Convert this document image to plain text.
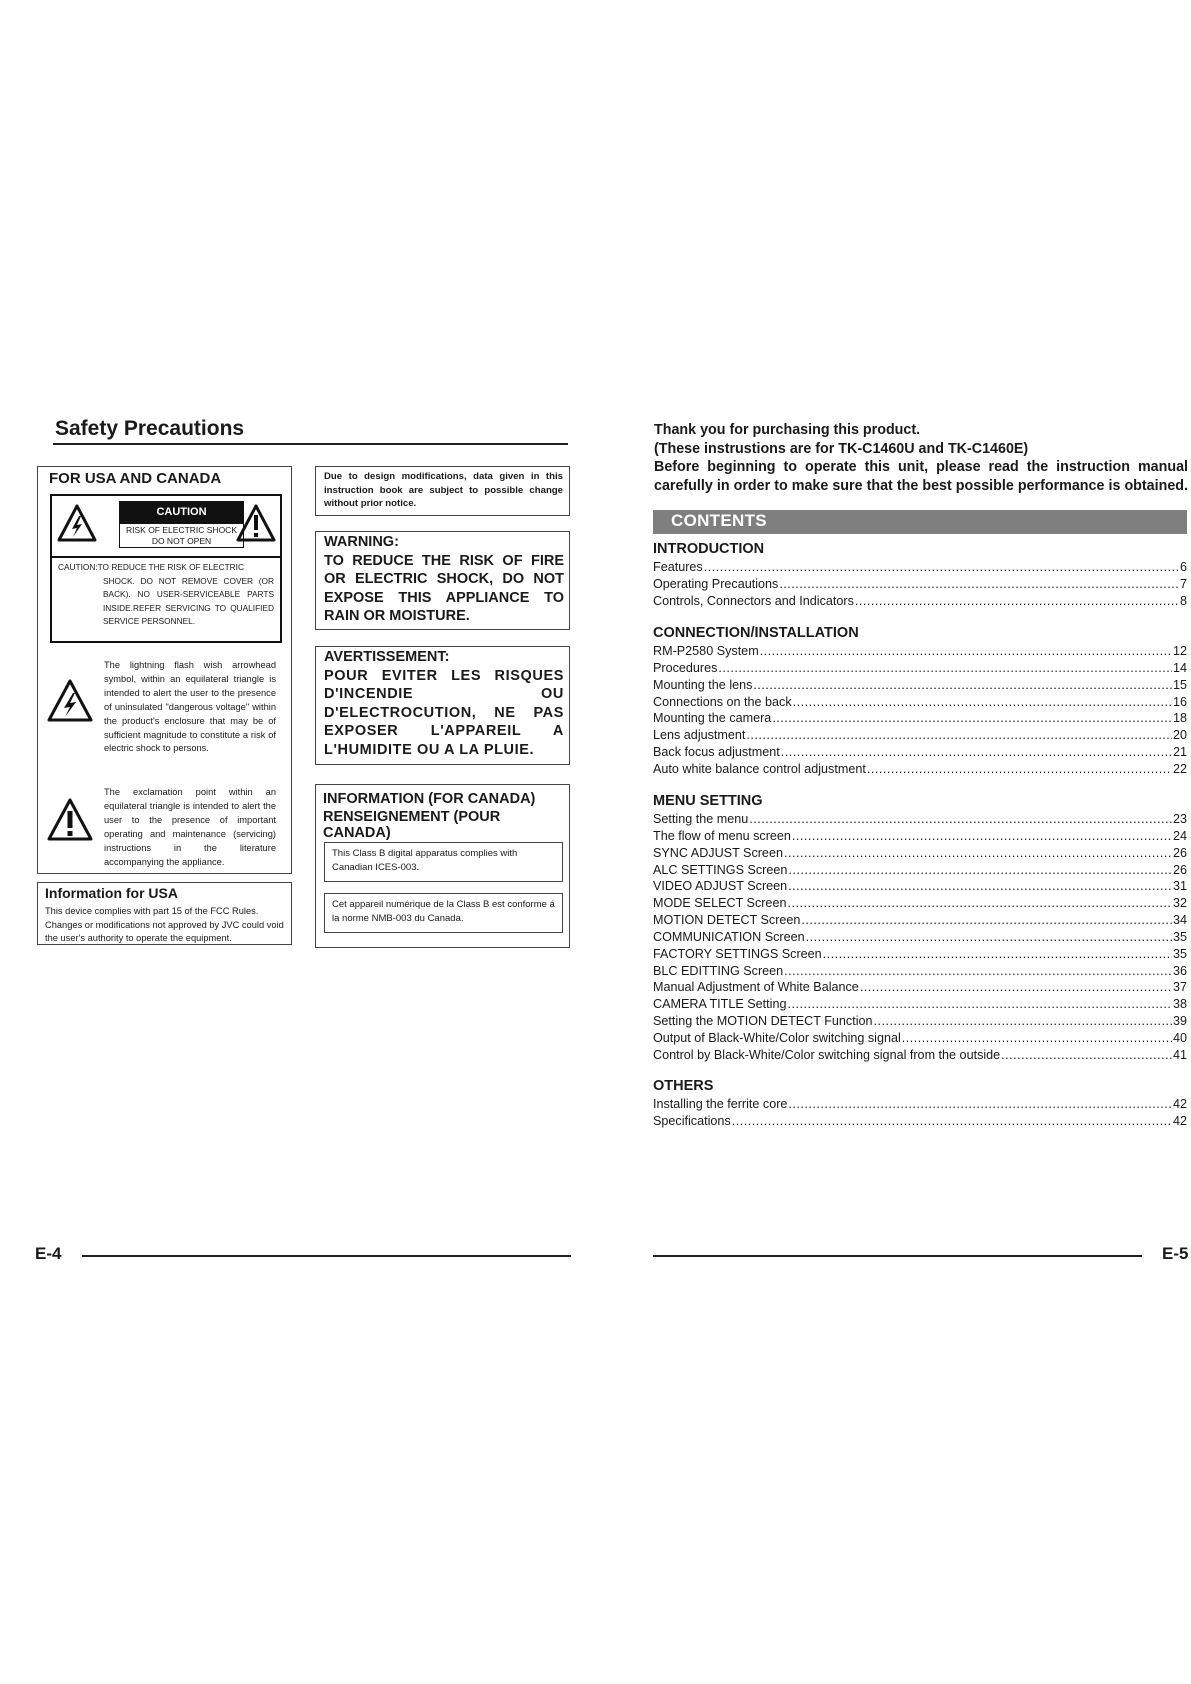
Safety Precautions
FOR USA AND CANADA
CAUTION
RISK OF ELECTRIC SHOCK
DO NOT OPEN
CAUTION:TO REDUCE THE RISK OF ELECTRIC
SHOCK. DO NOT REMOVE COVER (OR BACK). NO USER-SERVICEABLE PARTS INSIDE.REFER SERVICING TO QUALIFIED SERVICE PERSONNEL.
The lightning flash wish arrowhead symbol, within an equilateral triangle is intended to alert the user to the presence of uninsulated "dangerous voltage" within the product's enclosure that may be of sufficient magnitude to constitute a risk of electric shock to persons.
The exclamation point within an equilateral triangle is intended to alert the user to the presence of important operating and maintenance (servicing) instructions in the literature accompanying the appliance.
Information for USA
This device complies with part 15 of the FCC Rules. Changes or modifications not approved by JVC could void the user's authority to operate the equipment.
Due to design modifications, data given in this instruction book are subject to possible change without prior notice.
WARNING:
TO REDUCE THE RISK OF FIRE OR ELECTRIC SHOCK, DO NOT EXPOSE THIS APPLIANCE TO RAIN OR MOISTURE.
AVERTISSEMENT:
POUR EVITER LES RISQUES D'INCENDIE OU D'ELECTROCUTION, NE PAS EXPOSER L'APPAREIL A L'HUMIDITE OU A LA PLUIE.
INFORMATION (FOR CANADA)
RENSEIGNEMENT (POUR CANADA)
This Class B digital apparatus complies with Canadian ICES-003.
Cet appareil numérique de la Class B est conforme á la norme NMB-003 du Canada.
E-4
Thank you for purchasing this product.
(These instrustions are for TK-C1460U and TK-C1460E)
Before beginning to operate this unit, please read the instruction manual carefully in order to make sure that the best possible performance is obtained.
CONTENTS
INTRODUCTION
Features .....	6
Operating Precautions .....	7
Controls, Connectors and Indicators .....	8
CONNECTION/INSTALLATION
RM-P2580 System .....	12
Procedures .....	14
Mounting the lens .....	15
Connections on the back .....	16
Mounting the camera .....	18
Lens adjustment .....	20
Back focus adjustment .....	21
Auto white balance control adjustment .....	22
MENU SETTING
Setting the menu .....	23
The flow of menu screen .....	24
SYNC ADJUST Screen .....	26
ALC SETTINGS Screen .....	26
VIDEO ADJUST Screen .....	31
MODE SELECT Screen .....	32
MOTION DETECT Screen .....	34
COMMUNICATION Screen .....	35
FACTORY SETTINGS Screen .....	35
BLC EDITTING Screen .....	36
Manual Adjustment of White Balance .....	37
CAMERA TITLE Setting .....	38
Setting the MOTION DETECT Function .....	39
Output of Black-White/Color switching signal .....	40
Control by Black-White/Color switching signal from the outside .....	41
OTHERS
Installing the ferrite core .....	42
Specifications .....	42
E-5
